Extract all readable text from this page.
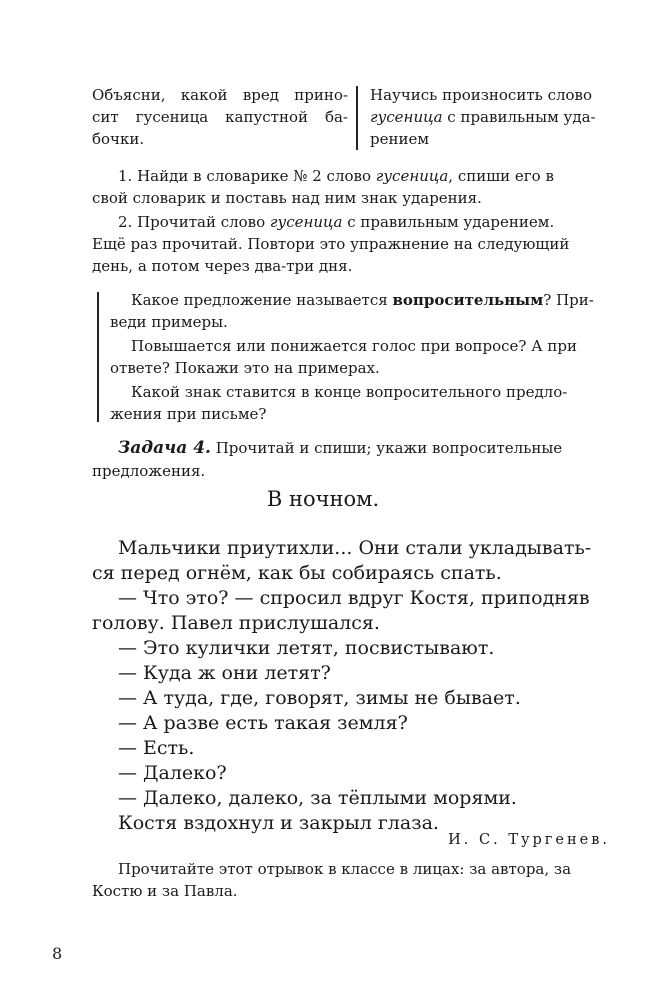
Объясни, какой вред прино-
сит гусеница капустной ба-
бочки.
Научись произносить слово
гусеница с правильным уда-
рением
1. Найди в словарике № 2 слово гусеница, спиши его в
свой словарик и поставь над ним знак ударения.
2. Прочитай слово гусеница с правильным ударением.
Ещё раз прочитай. Повтори это упражнение на следующий
день, а потом через два-три дня.
Какое предложение называется вопросительным? При-
веди примеры.
Повышается или понижается голос при вопросе? А при
ответе? Покажи это на примерах.
Какой знак ставится в конце вопросительного предло-
жения при письме?
Задача 4. Прочитай и спиши; укажи вопросительные
предложения.
В ночном.
Мальчики приутихли... Они стали укладывать-
ся перед огнём, как бы собираясь спать.
— Что это? — спросил вдруг Костя, приподняв
голову. Павел прислушался.
— Это кулички летят, посвистывают.
— Куда ж они летят?
— А туда, где, говорят, зимы не бывает.
— А разве есть такая земля?
— Есть.
— Далеко?
— Далеко, далеко, за тёплыми морями.
Костя вздохнул и закрыл глаза.
И. С. Тургенев.
Прочитайте этот отрывок в классе в лицах: за автора, за
Костю и за Павла.
8
